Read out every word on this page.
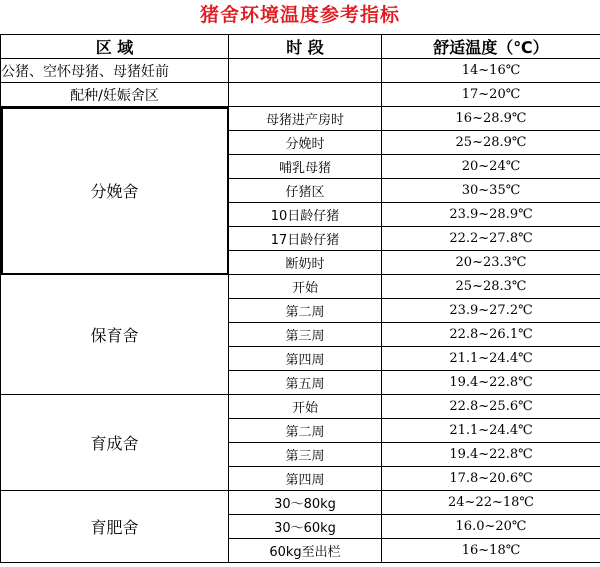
猪舍环境温度参考指标
区 域	时 段	舒适温度（℃）
公猪、空怀母猪、母猪妊前		14~16℃
配种/妊娠舍区		17~20℃
分娩舍	母猪进产房时	16~28.9℃
	分娩时	25~28.9℃
	哺乳母猪	20~24℃
	仔猪区	30~35℃
	10日龄仔猪	23.9~28.9℃
	17日龄仔猪	22.2~27.8℃
	断奶时	20~23.3℃
保育舍	开始	25~28.3℃
	第二周	23.9~27.2℃
	第三周	22.8~26.1℃
	第四周	21.1~24.4℃
	第五周	19.4~22.8℃
育成舍	开始	22.8~25.6℃
	第二周	21.1~24.4℃
	第三周	19.4~22.8℃
	第四周	17.8~20.6℃
育肥舍	30～80kg	24~22~18℃
	30～60kg	16.0~20℃
	60kg至出栏	16~18℃
